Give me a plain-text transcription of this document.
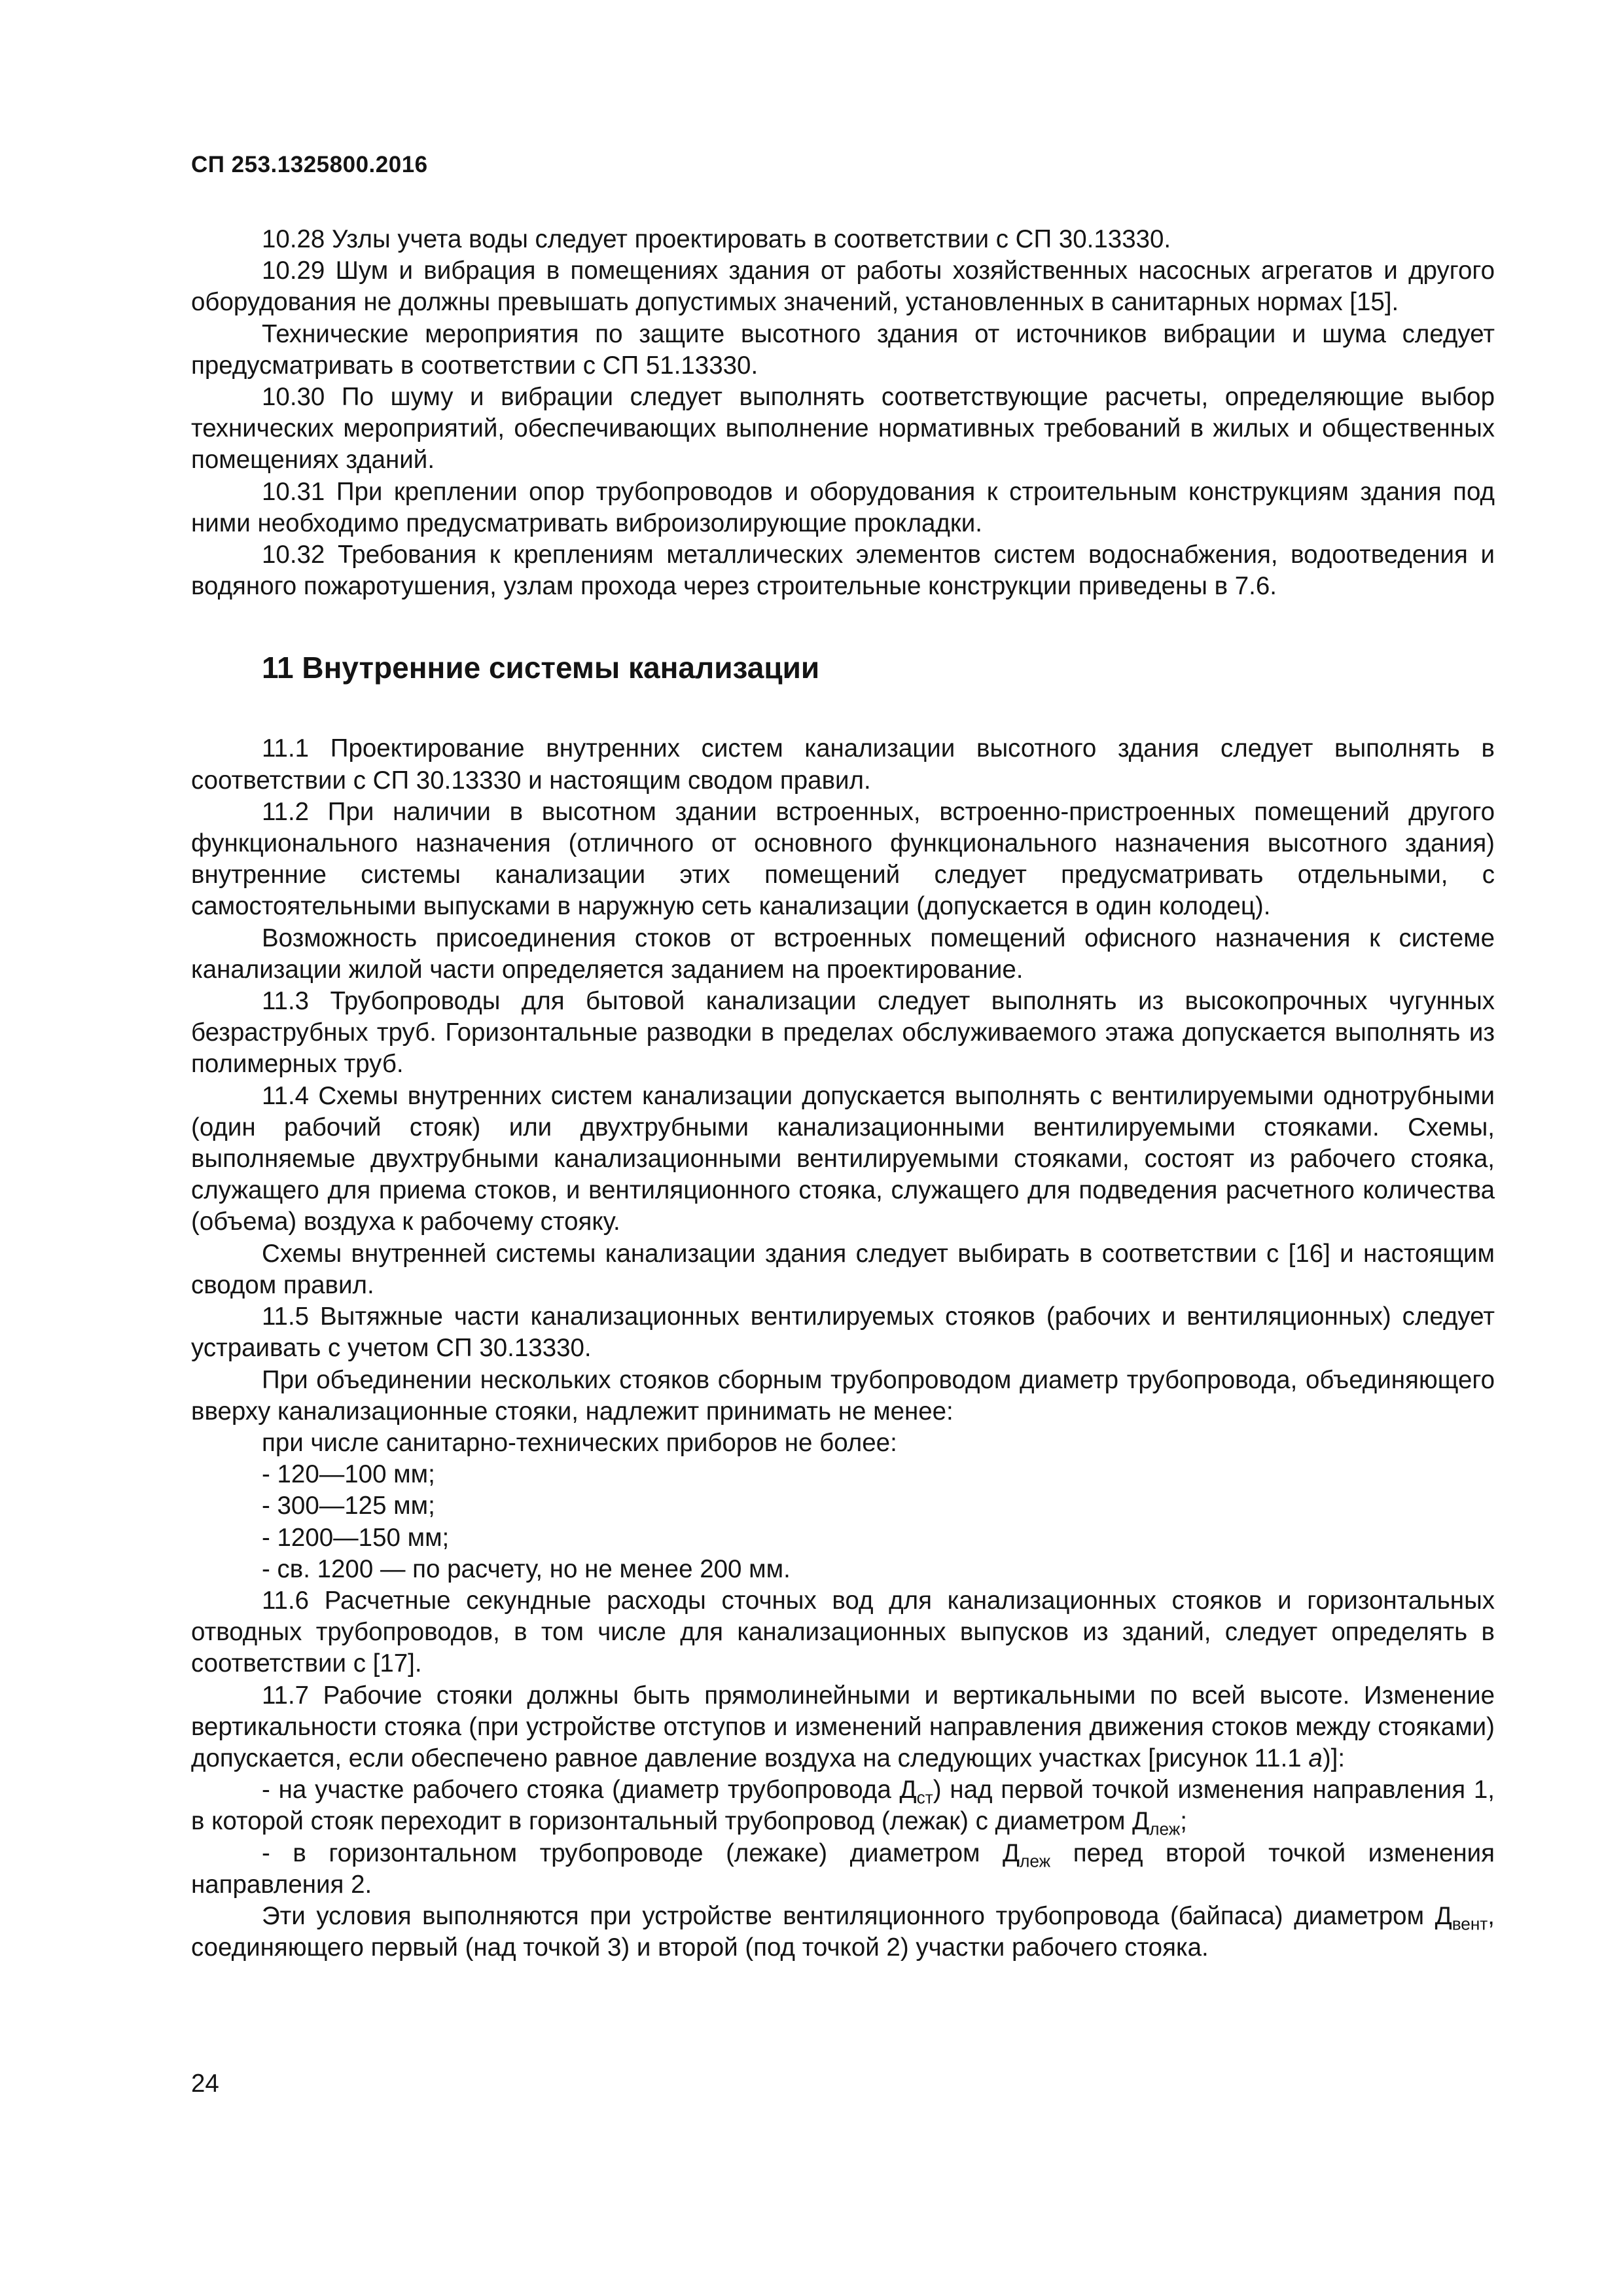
СП 253.1325800.2016

10.28 Узлы учета воды следует проектировать в соответствии с СП 30.13330.

10.29 Шум и вибрация в помещениях здания от работы хозяйственных насосных агрегатов и другого оборудования не должны превышать допустимых значений, установленных в санитарных нормах [15].

Технические мероприятия по защите высотного здания от источников вибрации и шума следует предусматривать в соответствии с СП 51.13330.

10.30 По шуму и вибрации следует выполнять соответствующие расчеты, определяющие выбор технических мероприятий, обеспечивающих выполнение нормативных требований в жилых и общественных помещениях зданий.

10.31 При креплении опор трубопроводов и оборудования к строительным конструкциям здания под ними необходимо предусматривать виброизолирующие прокладки.

10.32 Требования к креплениям металлических элементов систем водоснабжения, водоотведения и водяного пожаротушения, узлам прохода через строительные конструкции приведены в 7.6.

11 Внутренние системы канализации

11.1 Проектирование внутренних систем канализации высотного здания следует выполнять в соответствии с СП 30.13330 и настоящим сводом правил.

11.2 При наличии в высотном здании встроенных, встроенно-пристроенных помещений другого функционального назначения (отличного от основного функционального назначения высотного здания) внутренние системы канализации этих помещений следует предусматривать отдельными, с самостоятельными выпусками в наружную сеть канализации (допускается в один колодец).

Возможность присоединения стоков от встроенных помещений офисного назначения к системе канализации жилой части определяется заданием на проектирование.

11.3 Трубопроводы для бытовой канализации следует выполнять из высокопрочных чугунных безраструбных труб. Горизонтальные разводки в пределах обслуживаемого этажа допускается выполнять из полимерных труб.

11.4 Схемы внутренних систем канализации допускается выполнять с вентилируемыми однотрубными (один рабочий стояк) или двухтрубными канализационными вентилируемыми стояками. Схемы, выполняемые двухтрубными канализационными вентилируемыми стояками, состоят из рабочего стояка, служащего для приема стоков, и вентиляционного стояка, служащего для подведения расчетного количества (объема) воздуха к рабочему стояку.

Схемы внутренней системы канализации здания следует выбирать в соответствии с [16] и настоящим сводом правил.

11.5 Вытяжные части канализационных вентилируемых стояков (рабочих и вентиляционных) следует устраивать с учетом СП 30.13330.

При объединении нескольких стояков сборным трубопроводом диаметр трубопровода, объединяющего вверху канализационные стояки, надлежит принимать не менее:

при числе санитарно-технических приборов не более:

- 120—100 мм;

- 300—125 мм;

- 1200—150 мм;

- св. 1200 — по расчету, но не менее 200 мм.

11.6 Расчетные секундные расходы сточных вод для канализационных стояков и горизонтальных отводных трубопроводов, в том числе для канализационных выпусков из зданий, следует определять в соответствии с [17].

11.7 Рабочие стояки должны быть прямолинейными и вертикальными по всей высоте. Изменение вертикальности стояка (при устройстве отступов и изменений направления движения стоков между стояками) допускается, если обеспечено равное давление воздуха на следующих участках [рисунок 11.1 а)]:

- на участке рабочего стояка (диаметр трубопровода $Д_{ст}$) над первой точкой изменения направления 1, в которой стояк переходит в горизонтальный трубопровод (лежак) с диаметром $Д_{леж}$;

- в горизонтальном трубопроводе (лежаке) диаметром $Д_{леж}$ перед второй точкой изменения направления 2.

Эти условия выполняются при устройстве вентиляционного трубопровода (байпаса) диаметром $Д_{вент}$, соединяющего первый (над точкой 3) и второй (под точкой 2) участки рабочего стояка.

24
